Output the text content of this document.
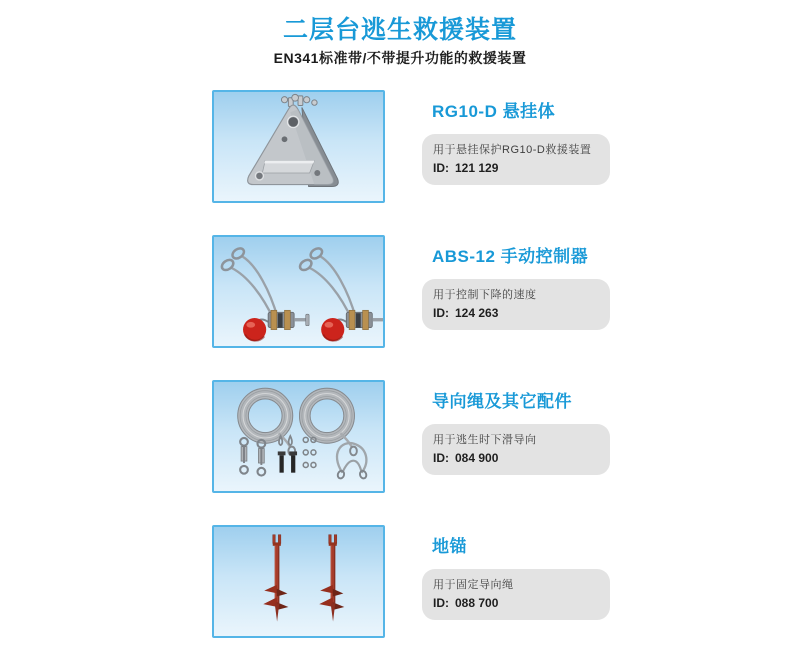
二层台逃生救援装置
EN341标准带/不带提升功能的救援装置
RG10-D 悬挂体
用于悬挂保护RG10-D救援装置
ID: 121 129
ABS-12 手动控制器
用于控制下降的速度
ID: 124 263
导向绳及其它配件
用于逃生时下滑导向
ID: 084 900
地锚
用于固定导向绳
ID: 088 700
